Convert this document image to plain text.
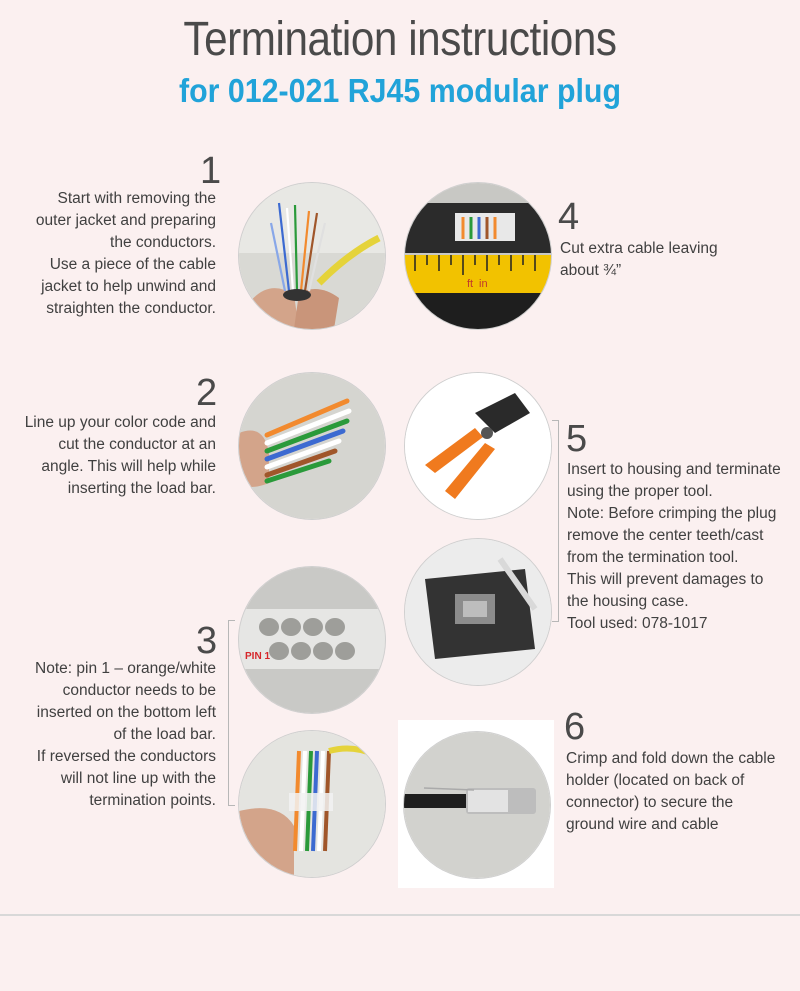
Termination instructions
for 012-021 RJ45 modular plug
1

Start with removing the

outer jacket and preparing

the conductors.

Use a piece of the cable

jacket to help unwind and

straighten the conductor.

ft in
4

Cut extra cable leaving

about ¾”

2

Line up your color code and

cut the conductor at an

angle. This will help while

inserting the load bar.

5

Insert to housing and terminate

using the proper tool.

Note: Before crimping the plug

remove the center teeth/cast

from the termination tool.

This will prevent damages to

the housing case.

Tool used: 078-1017

PIN 1
3

Note: pin 1 – orange/white

conductor needs to be

inserted on the bottom left

of the load bar.

If reversed the conductors

will not line up with the

termination points.

6

Crimp and fold down the cable

holder (located on back of

connector) to secure the

ground wire and cable
